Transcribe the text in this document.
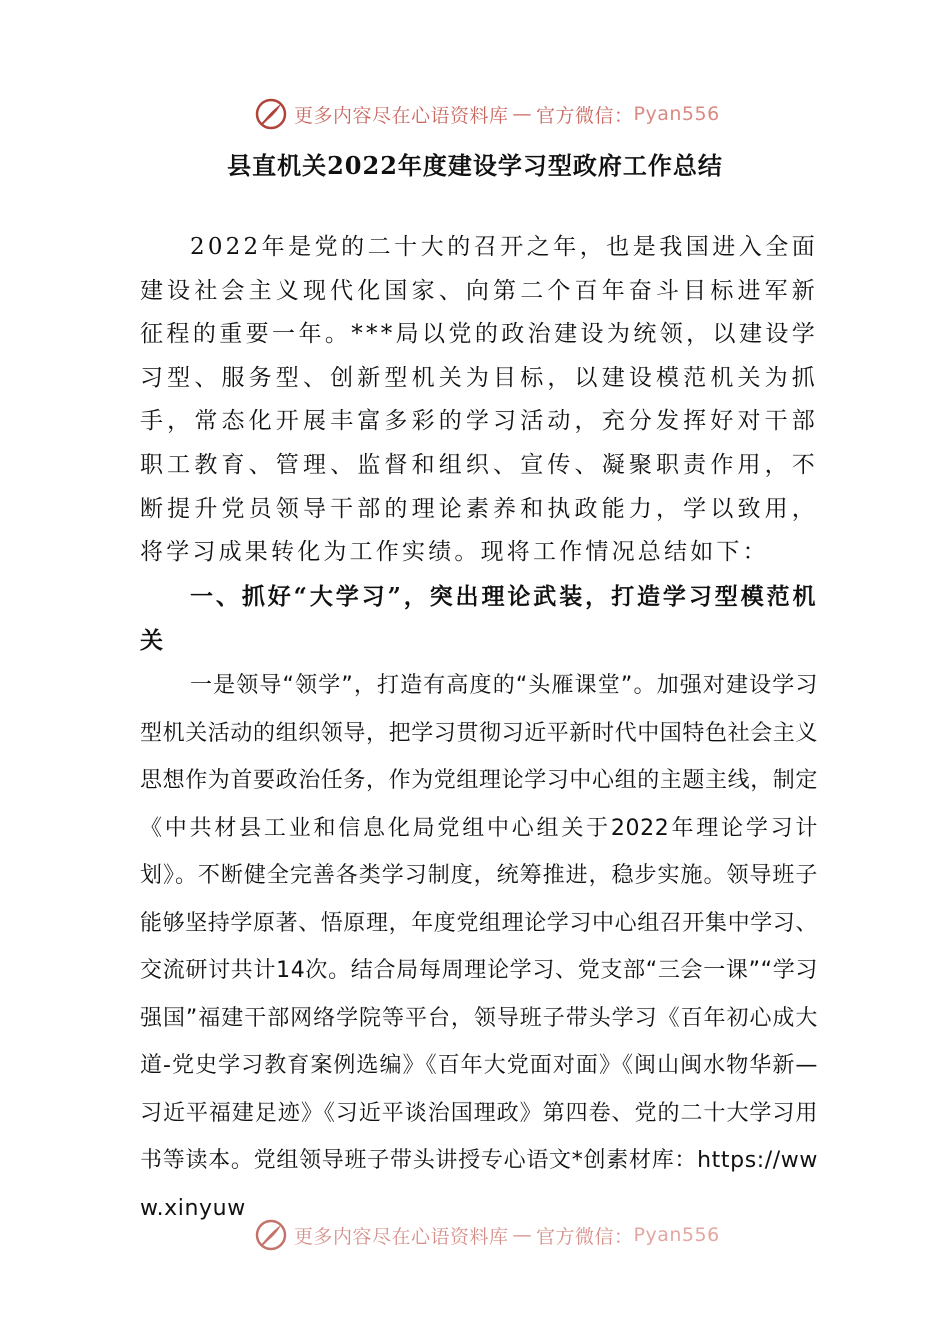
更多内容尽在心语资料库 — 官方微信： Pyan556
县直机关2022年度建设学习型政府工作总结

2022年是党的二十大的召开之年，也是我国进入全面建设社会主义现代化国家、向第二个百年奋斗目标进军新征程的重要一年。***局以党的政治建设为统领，以建设学习型、服务型、创新型机关为目标，以建设模范机关为抓手，常态化开展丰富多彩的学习活动，充分发挥好对干部职工教育、管理、监督和组织、宣传、凝聚职责作用，不断提升党员领导干部的理论素养和执政能力，学以致用，将学习成果转化为工作实绩。现将工作情况总结如下：

一、抓好“大学习”，突出理论武装，打造学习型模范机关

一是领导“领学”，打造有高度的“头雁课堂”。加强对建设学习型机关活动的组织领导，把学习贯彻习近平新时代中国特色社会主义思想作为首要政治任务，作为党组理论学习中心组的主题主线，制定《中共材县工业和信息化局党组中心组关于2022年理论学习计划》。不断健全完善各类学习制度，统筹推进，稳步实施。领导班子能够坚持学原著、悟原理，年度党组理论学习中心组召开集中学习、交流研讨共计14次。结合局每周理论学习、党支部“三会一课”“学习强国”福建干部网络学院等平台，领导班子带头学习《百年初心成大道-党史学习教育案例选编》《百年大党面对面》《闽山闽水物华新—习近平福建足迹》《习近平谈治国理政》第四卷、党的二十大学习用书等读本。党组领导班子带头讲授专心语文*创素材库：https://www.xinyuw

更多内容尽在心语资料库 — 官方微信： Pyan556
